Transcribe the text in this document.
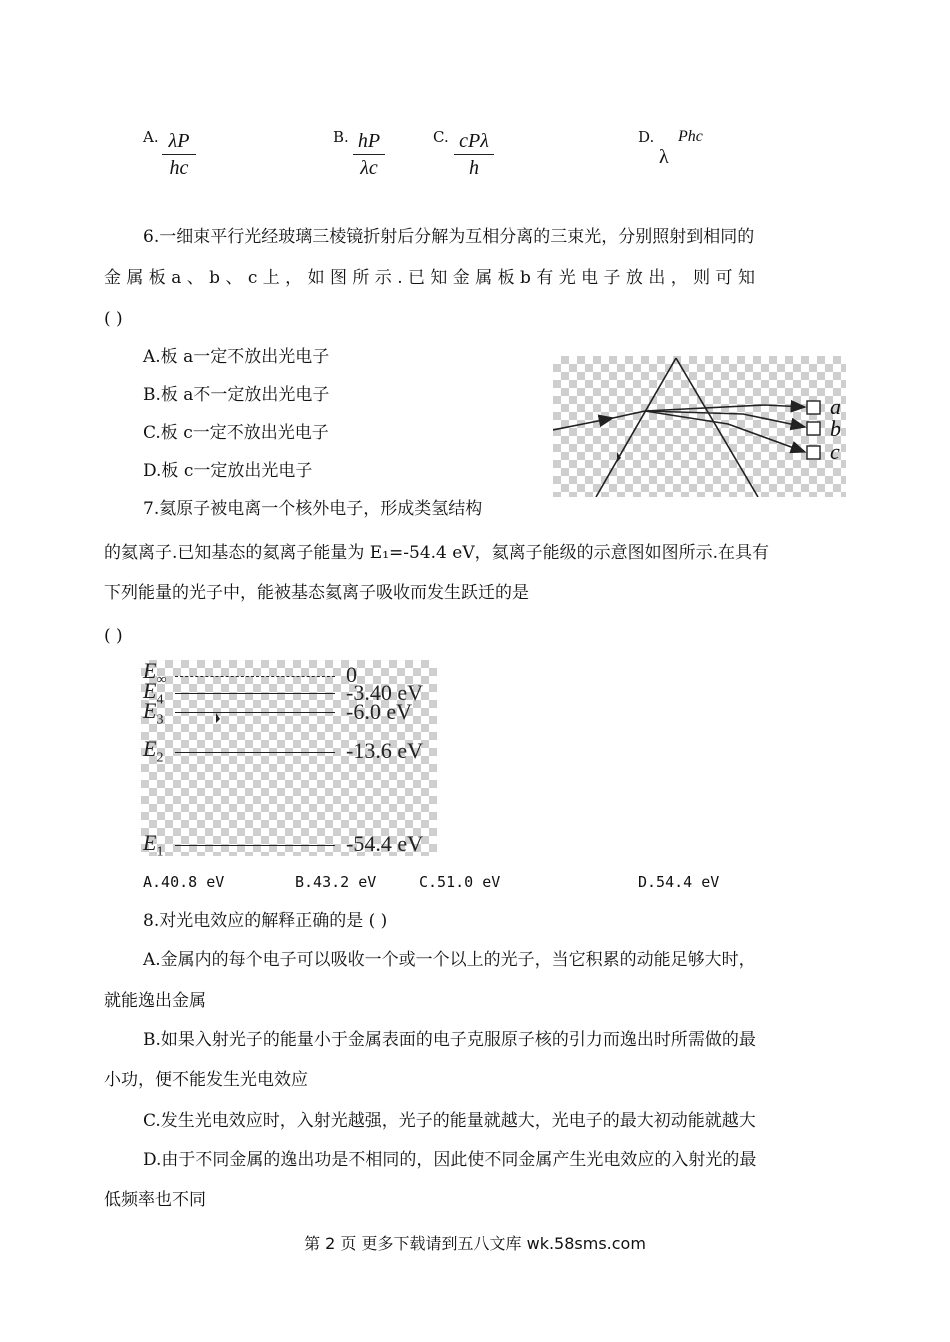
A. $\frac{\lambda P}{hc}$	B. $\frac{hP}{\lambda c}$	C. cPλ
h
D. Phc
λ
6.一细束平行光经玻璃三棱镜折射后分解为互相分离的三束光，分别照射到相同的
金 属 板 a 、 b 、 c 上 ， 如 图 所 示 . 已 知 金 属 板 b 有 光 电 子 放 出 ， 则 可 知
( )
A.板 a一定不放出光电子
B.板 a不一定放出光电子
C.板 c一定不放出光电子
D.板 c一定放出光电子
a
b
c
7.氦原子被电离一个核外电子，形成类氢结构
的氦离子.已知基态的氦离子能量为 E₁=-54.4 eV，氦离子能级的示意图如图所示.在具有
下列能量的光子中，能被基态氦离子吸收而发生跃迁的是
( )
$E_\infty$	0
$E_4$	-3.40 eV
$E_3$	-6.0 eV
$E_2$	-13.6 eV
$E_1$	-54.4 eV
A.40.8 eV	B.43.2 eV	C.51.0 eV	D.54.4 eV
8.对光电效应的解释正确的是 ( )
A.金属内的每个电子可以吸收一个或一个以上的光子，当它积累的动能足够大时，
就能逸出金属
B.如果入射光子的能量小于金属表面的电子克服原子核的引力而逸出时所需做的最
小功，便不能发生光电效应
C.发生光电效应时，入射光越强，光子的能量就越大，光电子的最大初动能就越大
D.由于不同金属的逸出功是不相同的，因此使不同金属产生光电效应的入射光的最
低频率也不同
第 2 页 更多下载请到五八文库 wk.58sms.com
